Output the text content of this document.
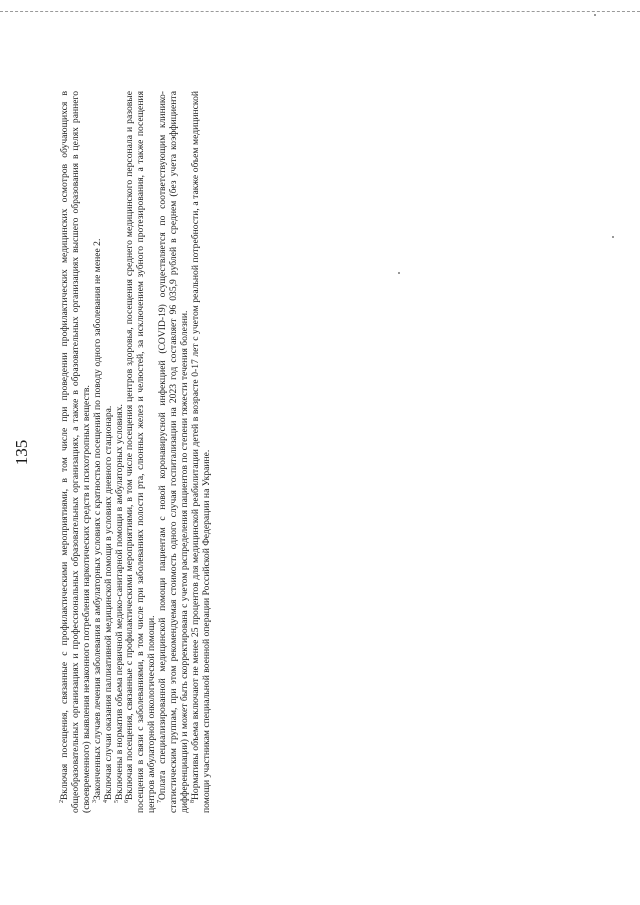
135

$^2$Включая посещения, связанные с профилактическими мероприятиями, в том числе при проведении профилактических медицинских осмотров обучающихся в общеобразовательных организациях и профессиональных образовательных организациях, а также в образовательных организациях высшего образования в целях раннего (своевременного) выявления незаконного потребления наркотических средств и психотропных веществ. $^3$Законченных случаев лечения заболевания в амбулаторных условиях с кратностью посещений по поводу одного заболевания не менее 2.

$^4$Включая случаи оказания паллиативной медицинской помощи в условиях дневного стационара.

$^5$Включены в норматив объема первичной медико-санитарной помощи в амбулаторных условиях.

$^6$Включая посещения, связанные с профилактическими мероприятиями, в том числе посещения центров здоровья, посещения среднего медицинского персонала и разовые посещения в связи с заболеваниями, в том числе при заболеваниях полости рта, слюнных желез и челюстей, за исключением зубного протезирования, а также посещения центров амбулаторной онкологической помощи. $^7$Оплата специализированной медицинской помощи пациентам с новой коронавирусной инфекцией (COVID-19) осуществляется по соответствующим клинико-статистическим группам, при этом рекомендуемая стоимость одного случая госпитализации на 2023 год составляет 96 035,9 рублей в среднем (без учета коэффициента дифференциации) и может быть скорректирована с учетом распределения пациентов по степени тяжести течения болезни. $^8$Нормативы объема включают не менее 25 процентов для медицинской реабилитации детей в возрасте 0-17 лет с учетом реальной потребности, а также объем медицинской помощи участникам специальной военной операции Российской Федерации на Украине.
